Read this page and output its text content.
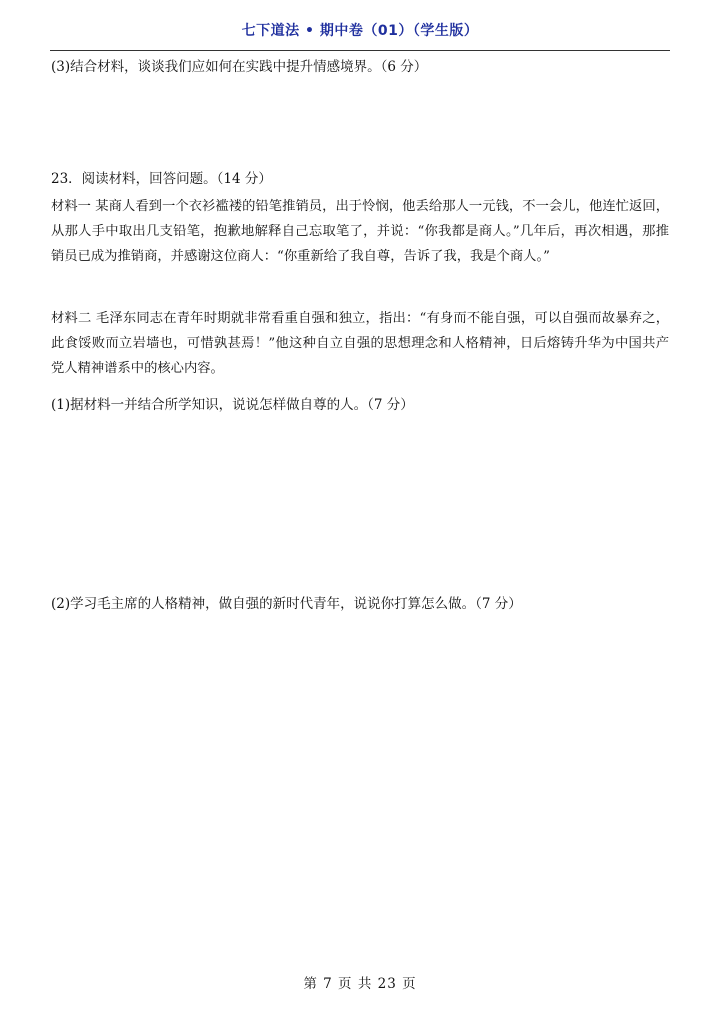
七下道法 • 期中卷（01）（学生版）
(3)结合材料，谈谈我们应如何在实践中提升情感境界。（6 分）
23．阅读材料，回答问题。（14 分）

材料一 某商人看到一个衣衫褴褛的铅笔推销员，出于怜悯，他丢给那人一元钱，不一会儿，他连忙返回，从那人手中取出几支铅笔，抱歉地解释自己忘取笔了，并说：“你我都是商人。”几年后，再次相遇，那推销员已成为推销商，并感谢这位商人：“你重新给了我自尊，告诉了我，我是个商人。”

材料二 毛泽东同志在青年时期就非常看重自强和独立，指出：“有身而不能自强，可以自强而故暴弃之，此食馁败而立岩墙也，可惜孰甚焉！”他这种自立自强的思想理念和人格精神，日后熔铸升华为中国共产党人精神谱系中的核心内容。

(1)据材料一并结合所学知识，说说怎样做自尊的人。（7 分）
(2)学习毛主席的人格精神，做自强的新时代青年，说说你打算怎么做。（7 分）
第 7 页 共 23 页
